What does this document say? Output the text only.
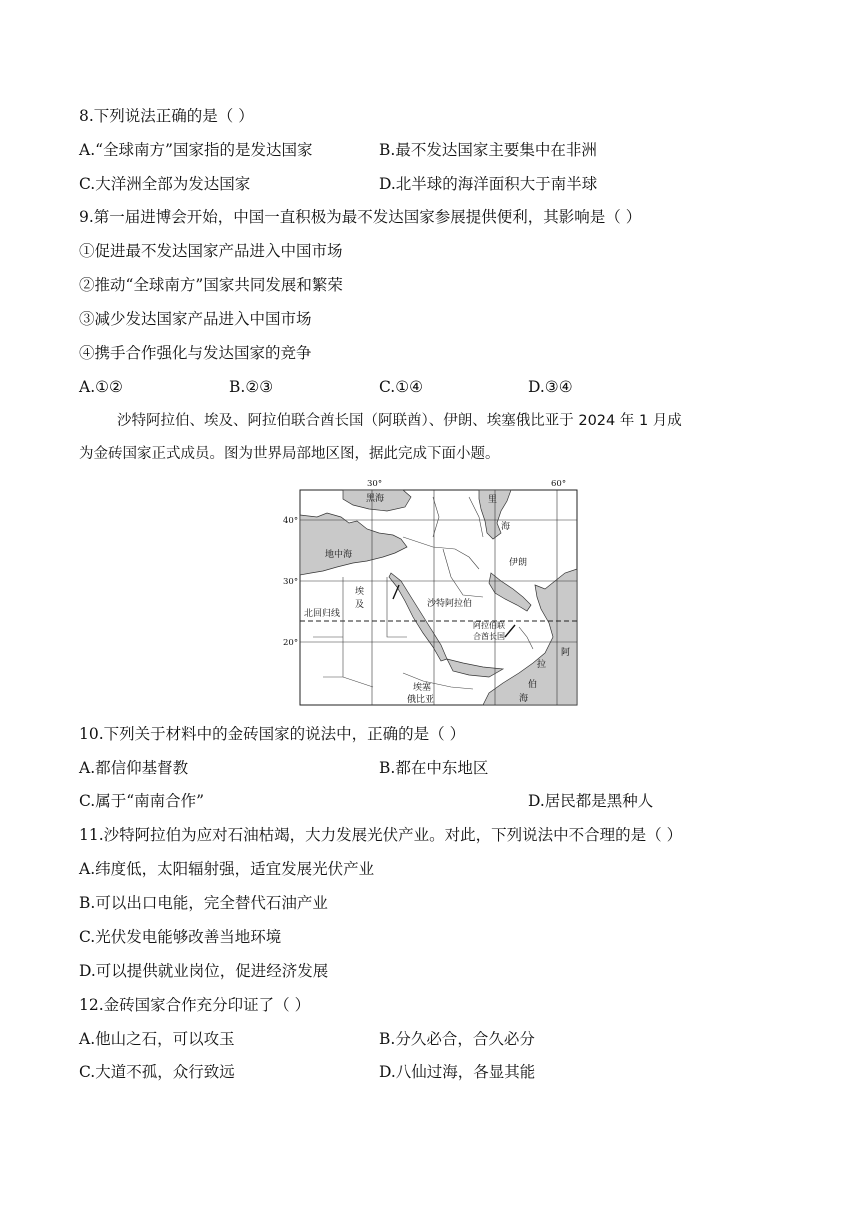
8.下列说法正确的是（ ）
A.“全球南方”国家指的是发达国家	B.最不发达国家主要集中在非洲
C.大洋洲全部为发达国家	D.北半球的海洋面积大于南半球
9.第一届进博会开始，中国一直积极为最不发达国家参展提供便利，其影响是（ ）
①促进最不发达国家产品进入中国市场
②推动“全球南方”国家共同发展和繁荣
③减少发达国家产品进入中国市场
④携手合作强化与发达国家的竞争
A.①②	B.②③	C.①④	D.③④
沙特阿拉伯、埃及、阿拉伯联合酋长国（阿联酋）、伊朗、埃塞俄比亚于 2024 年 1 月成
为金砖国家正式成员。图为世界局部地区图，据此完成下面小题。
30°	60°
40°
30°
20°
黑海	里
海
地中海
伊朗
埃
及	沙特阿拉伯
北回归线
阿拉伯联
合酋长国
阿
拉
伯
海
埃塞
俄比亚
10.下列关于材料中的金砖国家的说法中，正确的是（ ）
A.都信仰基督教	B.都在中东地区
C.属于“南南合作”	D.居民都是黑种人
11.沙特阿拉伯为应对石油枯竭，大力发展光伏产业。对此，下列说法中不合理的是（ ）
A.纬度低，太阳辐射强，适宜发展光伏产业
B.可以出口电能，完全替代石油产业
C.光伏发电能够改善当地环境
D.可以提供就业岗位，促进经济发展
12.金砖国家合作充分印证了（ ）
A.他山之石，可以攻玉	B.分久必合，合久必分
C.大道不孤，众行致远	D.八仙过海，各显其能
